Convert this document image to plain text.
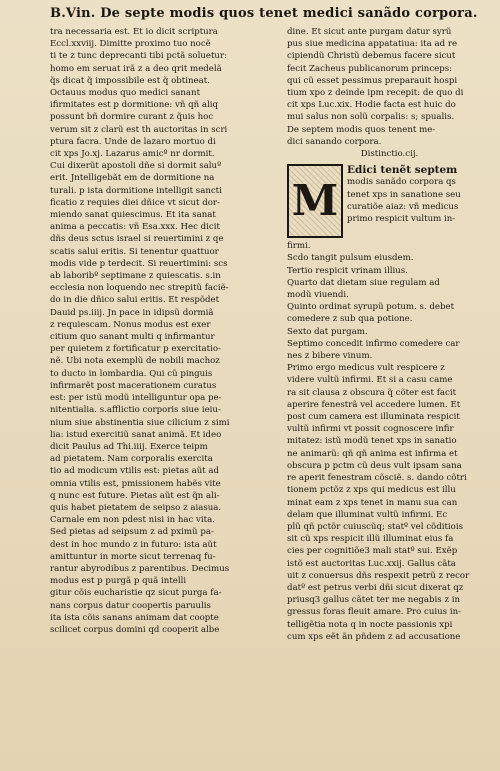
B.Vin. De septe modis quos tenet medici sanãdo corpora.

tra necessaria est. Et io dicit scriptura

Eccl.xxviij. Dimitte proximo tuo nocẽ

ti te z tunc deprecanti tibi pctã soluetur:

homo em seruat irã z a deo qrit medelã

q̃s dicat q̃ impossibile est q̃ obtineat.

Octauus modus quo medici sanant

ifirmitates est p dormitione: vñ qñ aliq

possunt bñ dormire curant z q̃uis hoc

verum sit z clarũ est th auctoritas in scri

ptura facra. Unde de lazaro mortuo di

cit xps Jo.xj. Lazarus amicº nr dormit.

Cui dixerũt apostoli dñe si dormit saluº

erit. Jntelligebãt em de dormitione na

turali. p ista dormitione intelligit sancti

ficatio z requies diei dñice vt sicut dor-

miendo sanat quiescimus. Et ita sanat

anima a peccatis: vñ Esa.xxx. Hec dicit

dñs deus sctus israel si reuertimini z qe

scatis salui eritis. Si tenentur quattuor

modis vide p terdecit. Si reuertimini: scs

ab laboribº septimane z quiescatis. s.in

ecclesia non loquendo nec strepitũ faciẽ-

do in die dñico salui eritis. Et respõdet

Dauid ps.iiij. Jn pace in idipsũ dormiã

z requiescam. Nonus modus est exer

citium quo sanant multi q infirmantur

per quietem z fortificatur p exercitatio-

nẽ. Ubi nota exemplũ de nobili machoz

to ducto in lombardia. Qui cũ pinguis

infirmarẽt post macerationem curatus

est: per istũ modũ intelliguntur opa pe-

nitentialia. s.afflictio corporis siue ieiu-

nium siue abstinentia siue cilicium z simi

lia: istud exercitiũ sanat animã. Et ideo

dicit Paulus ad Thi.iiij. Exerce teipm

ad pietatem. Nam corporalis exercita

tio ad modicum vtilis est: pietas aũt ad

omnia vtilis est, pmissionem habẽs vite

q nunc est future. Pietas aũt est q̃n ali-

quis habet pietatem de seipso z aiasua.

Carnale em non pdest nisi in hac vita.

Sed pietas ad seipsum z ad pximũ pa-

dest in hoc mundo z in futuro: ista aũt

amittuntur in morte sicut terrenaq fu-

rantur abyrodibus z parentibus. Decimus

modus est p purgã p quã intelli

gitur cõis eucharistie qz sicut purga fa-

nans corpus datur coopertis paruulis

ita ista cõis sanans animam dat coopte

scilicet corpus domini qd cooperit albe

dine. Et sicut ante purgam datur syrũ

pus siue medicina appatatiua: ita ad re

cipiendũ Christũ debemus facere sicut

fecit Zacheus publicanorum princeps:

qui cũ esset pessimus preparauit hospi

tium xpo z deinde ipm recepit: de quo di

cit xps Luc.xix. Hodie facta est huic do

mui salus non solũ corpalis: s; spualis.

De septem modis quos tenent me-

dici sanando corpora.

Distinctio.cij.

M

Edici tenẽt septem

modis sanãdo corpora qs

tenet xps in sanatione seu

curatiõe aiaz: vñ medicus

primo respicit vultum in-

firmi.

Scdo tangit pulsum eiusdem.

Tertio respicit vrinam illius.

Quarto dat dietam siue regulam ad

modũ viuendi.

Quinto ordinat syrupũ potum. s. debet

comedere z sub qua potione.

Sexto dat purgam.

Septimo concedit infirmo comedere car

nes z bibere vinum.

Primo ergo medicus vult respicere z

videre vultũ infirmi. Et si a casu came

ra sit clausa z obscura q̃ cõter est facit

aperire fenestrã vel accedere lumen. Et

post cum camera est illuminata respicit

vultũ infirmi vt possit cognoscere infir

mitatez: istũ modũ tenet xps in sanatio

ne animarũ: qñ qñ anima est infirma et

obscura p pctm cũ deus vult ipsam sana

re aperit fenestram cõsciẽ. s. dando cõtri

tionem pctõz z xps qui medicus est illu

minat eam z xps tenet in manu sua can

delam que illuminat vultũ infirmi. Ec

plũ qñ pctõr cuiuscũq; statº vel cõditiois

sit cũ xps respicit illũ illuminat eius fa

cies per cognitiõe3 mali statº sui. Exẽp

istõ est auctoritas Luc.xxij. Gallus cãta

uit z conuersus dñs respexit petrũ z recor

datº est petrus verbi dñi sicut dixerat qz

priusq3 gallus cãtet ter me negabis z in

gressus foras fleuit amare. Pro cuius in-

telligẽtia nota q in nocte passionis xpi

cum xps eẽt ãn pñdem z ad accusatione
